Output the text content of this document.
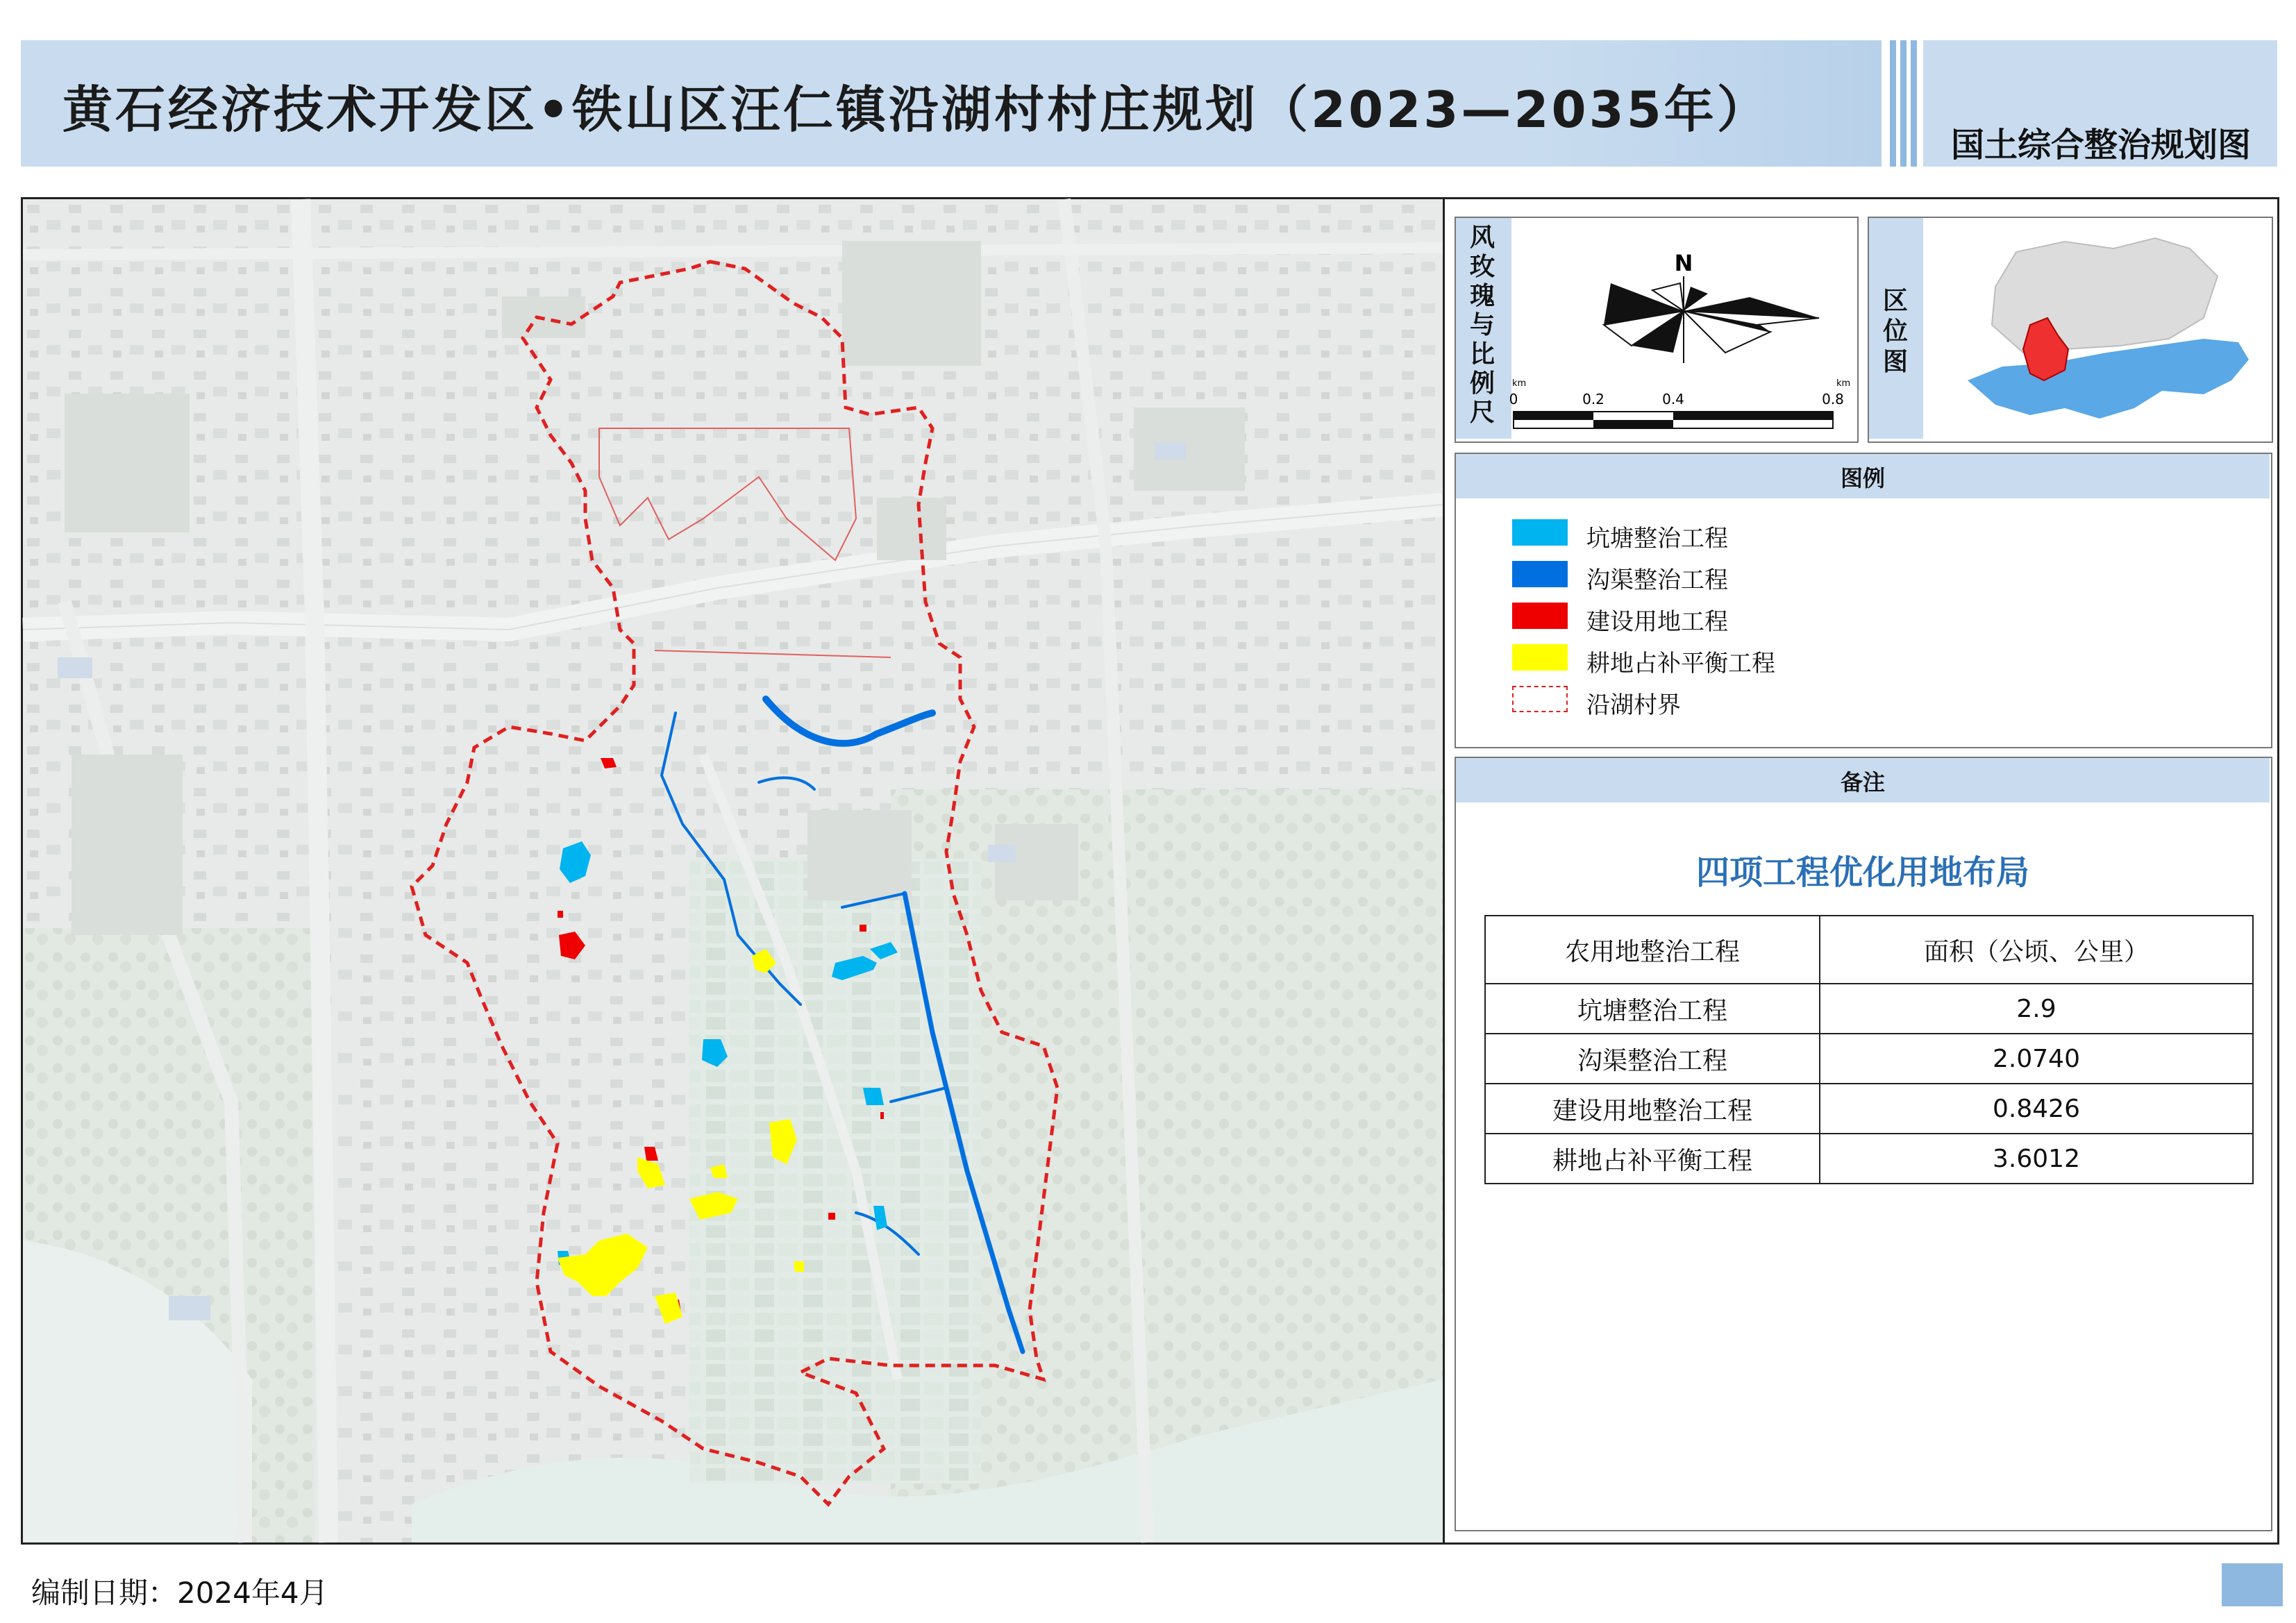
黄石经济技术开发区•铁山区汪仁镇沿湖村村庄规划（2023—2035年）
国土综合整治规划图
风玫瑰与比例尺
N
km	km
0	0.2	0.4	0.8
区位图
图例
坑塘整治工程
沟渠整治工程
建设用地工程
耕地占补平衡工程
沿湖村界
备注
四项工程优化用地布局
农用地整治工程	面积（公顷、公里）
坑塘整治工程	2.9
沟渠整治工程	2.0740
建设用地整治工程	0.8426
耕地占补平衡工程	3.6012
编制日期：2024年4月
